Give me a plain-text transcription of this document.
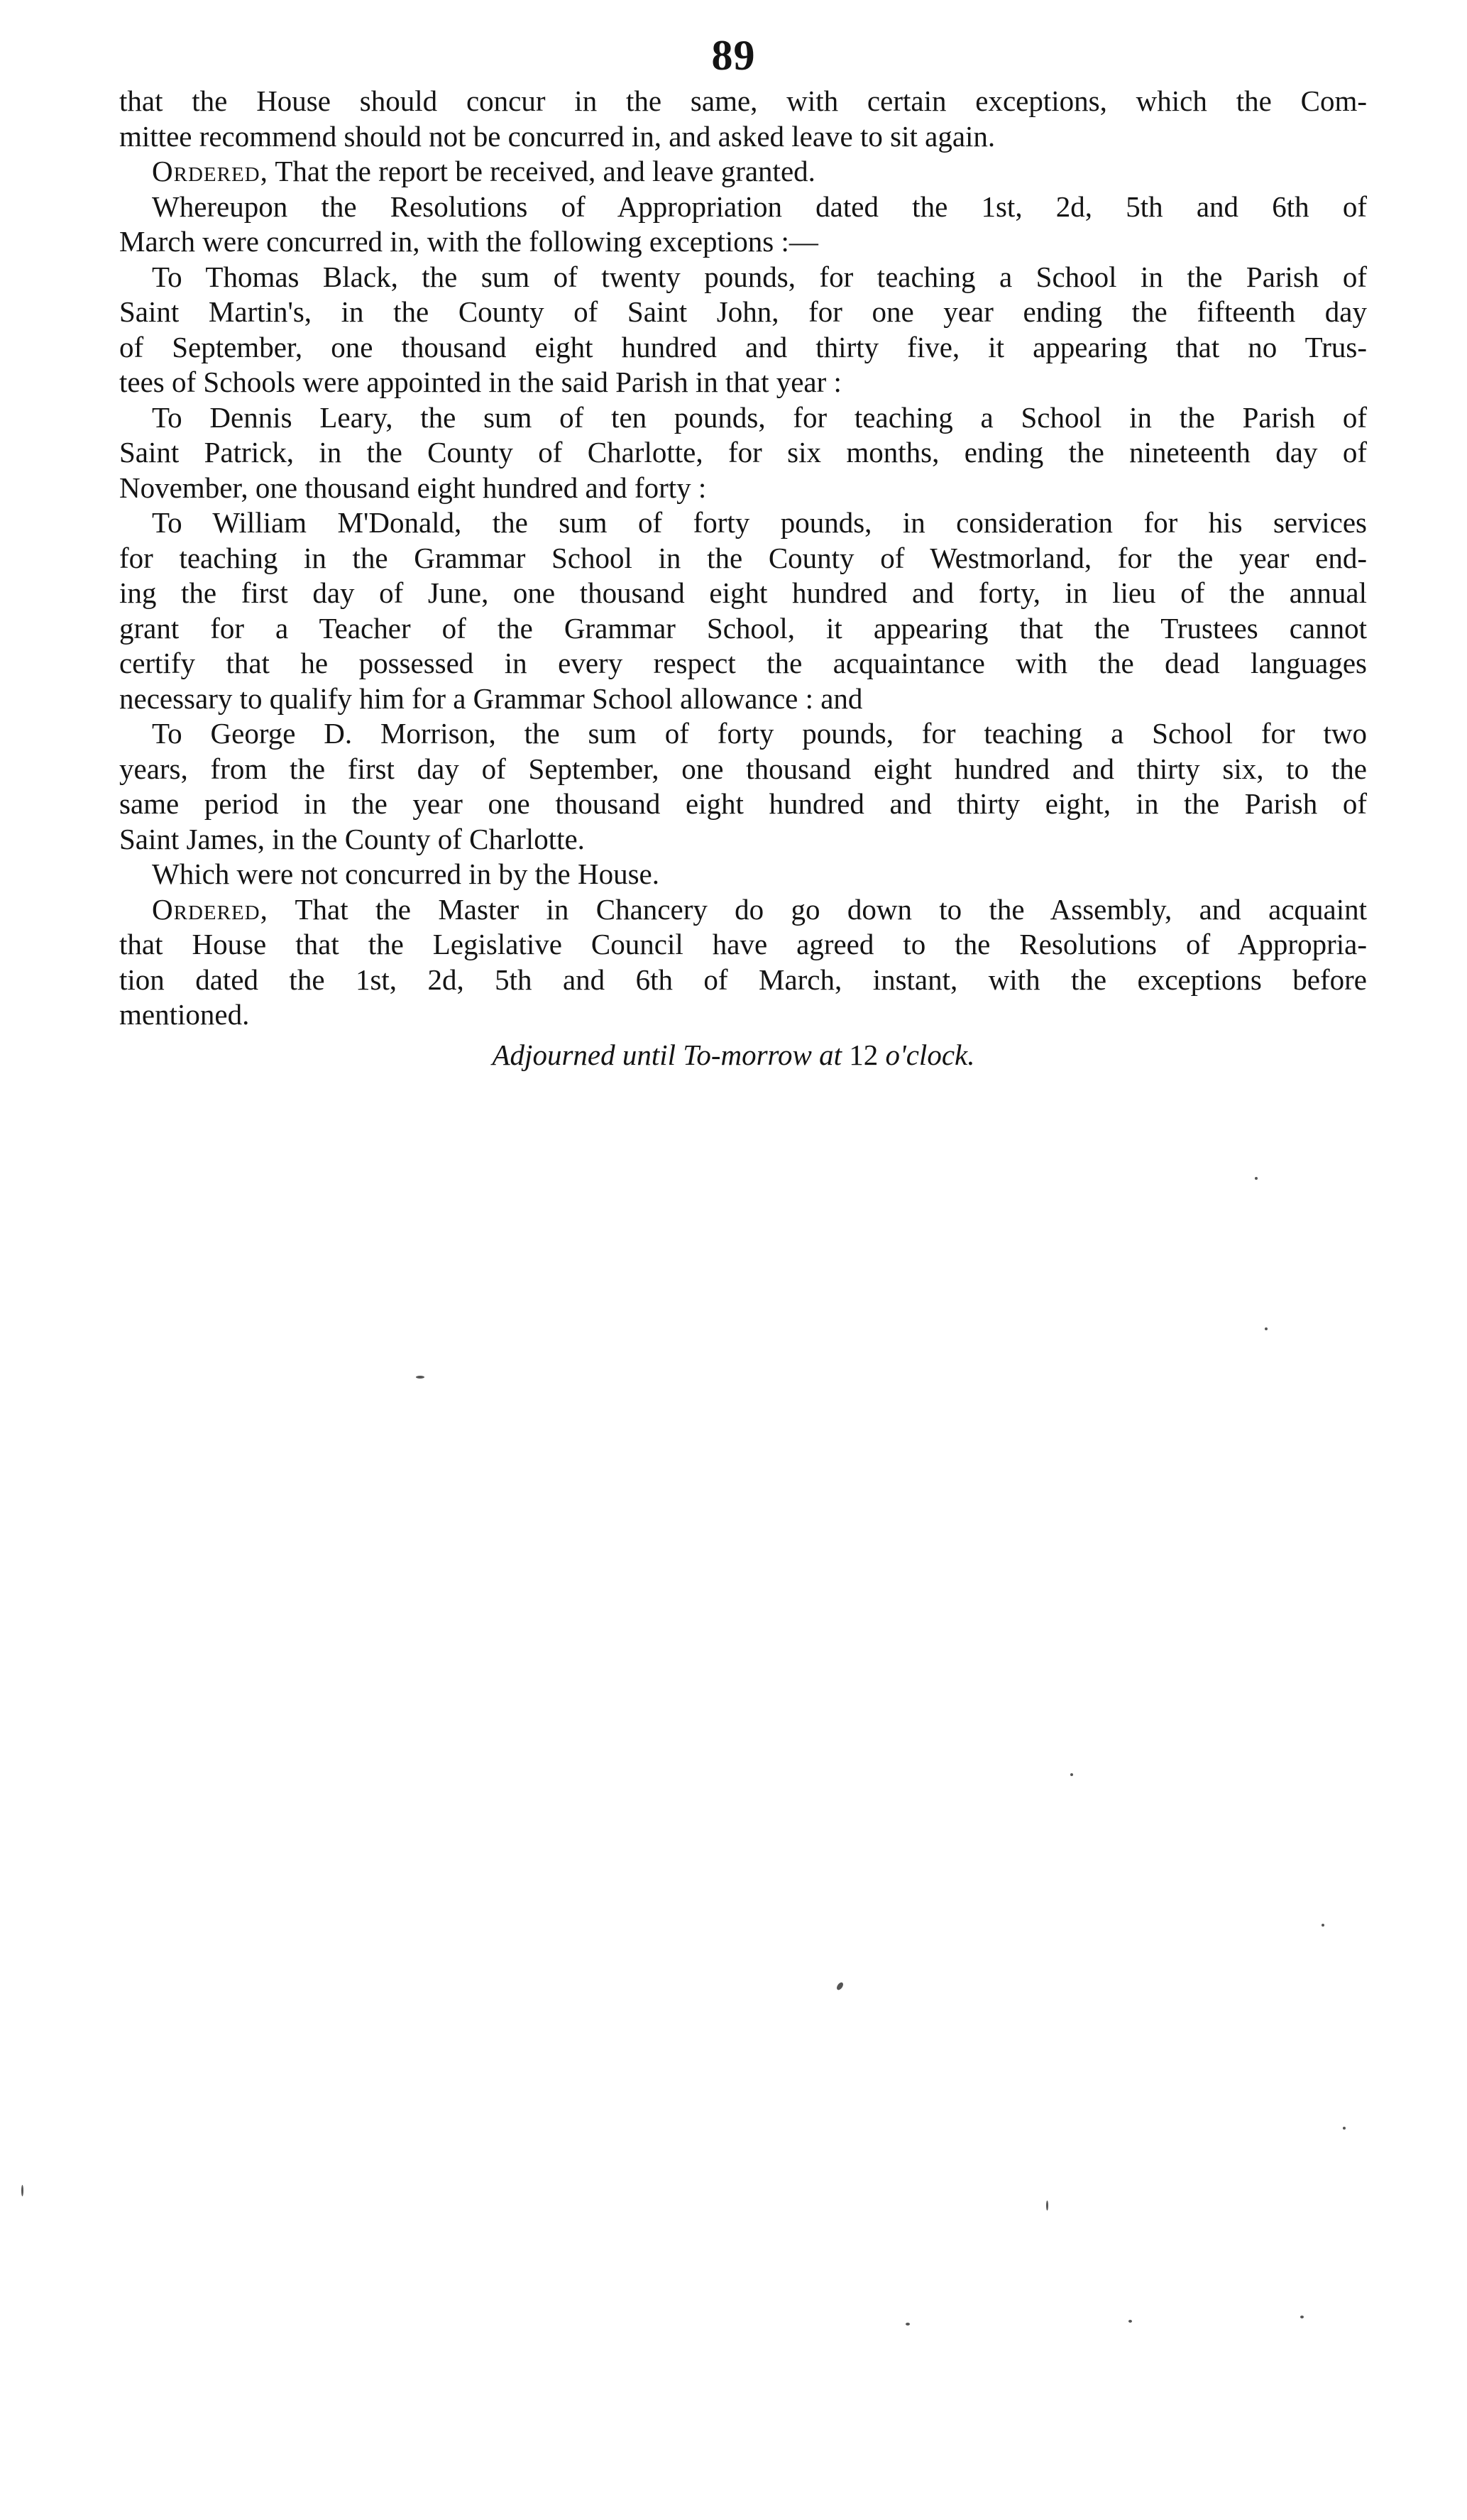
89
that the House should concur in the same, with certain exceptions, which the Com-
mittee recommend should not be concurred in, and asked leave to sit again.
Ordered, That the report be received, and leave granted.
Whereupon the Resolutions of Appropriation dated the 1st, 2d, 5th and 6th of
March were concurred in, with the following exceptions :—
To Thomas Black, the sum of twenty pounds, for teaching a School in the Parish of
Saint Martin's, in the County of Saint John, for one year ending the fifteenth day
of September, one thousand eight hundred and thirty five, it appearing that no Trus-
tees of Schools were appointed in the said Parish in that year :
To Dennis Leary, the sum of ten pounds, for teaching a School in the Parish of
Saint Patrick, in the County of Charlotte, for six months, ending the nineteenth day of
November, one thousand eight hundred and forty :
To William M'Donald, the sum of forty pounds, in consideration for his services
for teaching in the Grammar School in the County of Westmorland, for the year end-
ing the first day of June, one thousand eight hundred and forty, in lieu of the annual
grant for a Teacher of the Grammar School, it appearing that the Trustees cannot
certify that he possessed in every respect the acquaintance with the dead languages
necessary to qualify him for a Grammar School allowance : and
To George D. Morrison, the sum of forty pounds, for teaching a School for two
years, from the first day of September, one thousand eight hundred and thirty six, to the
same period in the year one thousand eight hundred and thirty eight, in the Parish of
Saint James, in the County of Charlotte.
Which were not concurred in by the House.
Ordered, That the Master in Chancery do go down to the Assembly, and acquaint
that House that the Legislative Council have agreed to the Resolutions of Appropria-
tion dated the 1st, 2d, 5th and 6th of March, instant, with the exceptions before
mentioned.
Adjourned until To-morrow at 12 o'clock.
